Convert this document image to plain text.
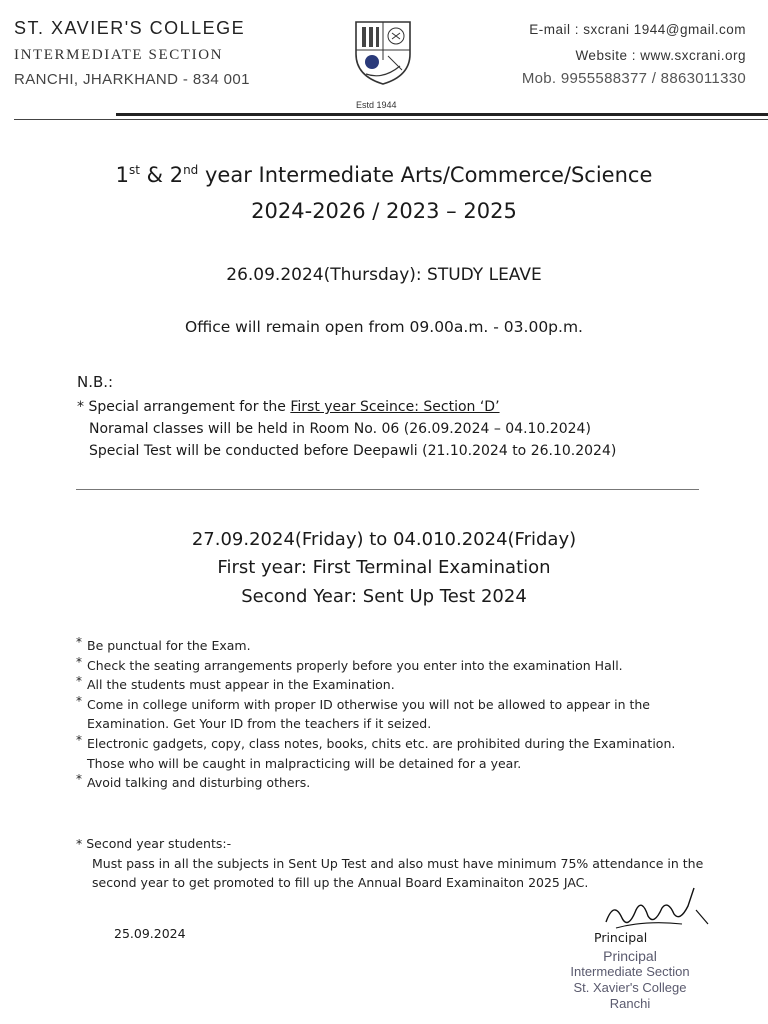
ST. XAVIER'S COLLEGE
INTERMEDIATE SECTION
RANCHI, JHARKHAND - 834 001
Estd 1944
E-mail : sxcrani 1944@gmail.com
Website : www.sxcrani.org
Mob. 9955588377 / 8863011330
1st & 2nd year Intermediate Arts/Commerce/Science
2024-2026 / 2023 – 2025
26.09.2024(Thursday): STUDY LEAVE
Office will remain open from 09.00a.m. - 03.00p.m.
N.B.:
* Special arrangement for the First year Sceince: Section ‘D’
Noramal classes will be held in Room No. 06 (26.09.2024 – 04.10.2024)
Special Test will be conducted before Deepawli (21.10.2024 to 26.10.2024)
27.09.2024(Friday) to 04.010.2024(Friday)
First year: First Terminal Examination
Second Year: Sent Up Test 2024
* Be punctual for the Exam.
* Check the seating arrangements properly before you enter into the examination Hall.
* All the students must appear in the Examination.
* Come in college uniform with proper ID otherwise you will not be allowed to appear in the Examination. Get Your ID from the teachers if it seized.
* Electronic gadgets, copy, class notes, books, chits etc. are prohibited during the Examination. Those who will be caught in malpracticing will be detained for a year.
* Avoid talking and disturbing others.
* Second year students:-
Must pass in all the subjects in Sent Up Test and also must have minimum 75% attendance in the second year to get promoted to fill up the Annual Board Examinaiton 2025 JAC.
25.09.2024	Principal
Principal
Intermediate Section
St. Xavier's College
Ranchi
